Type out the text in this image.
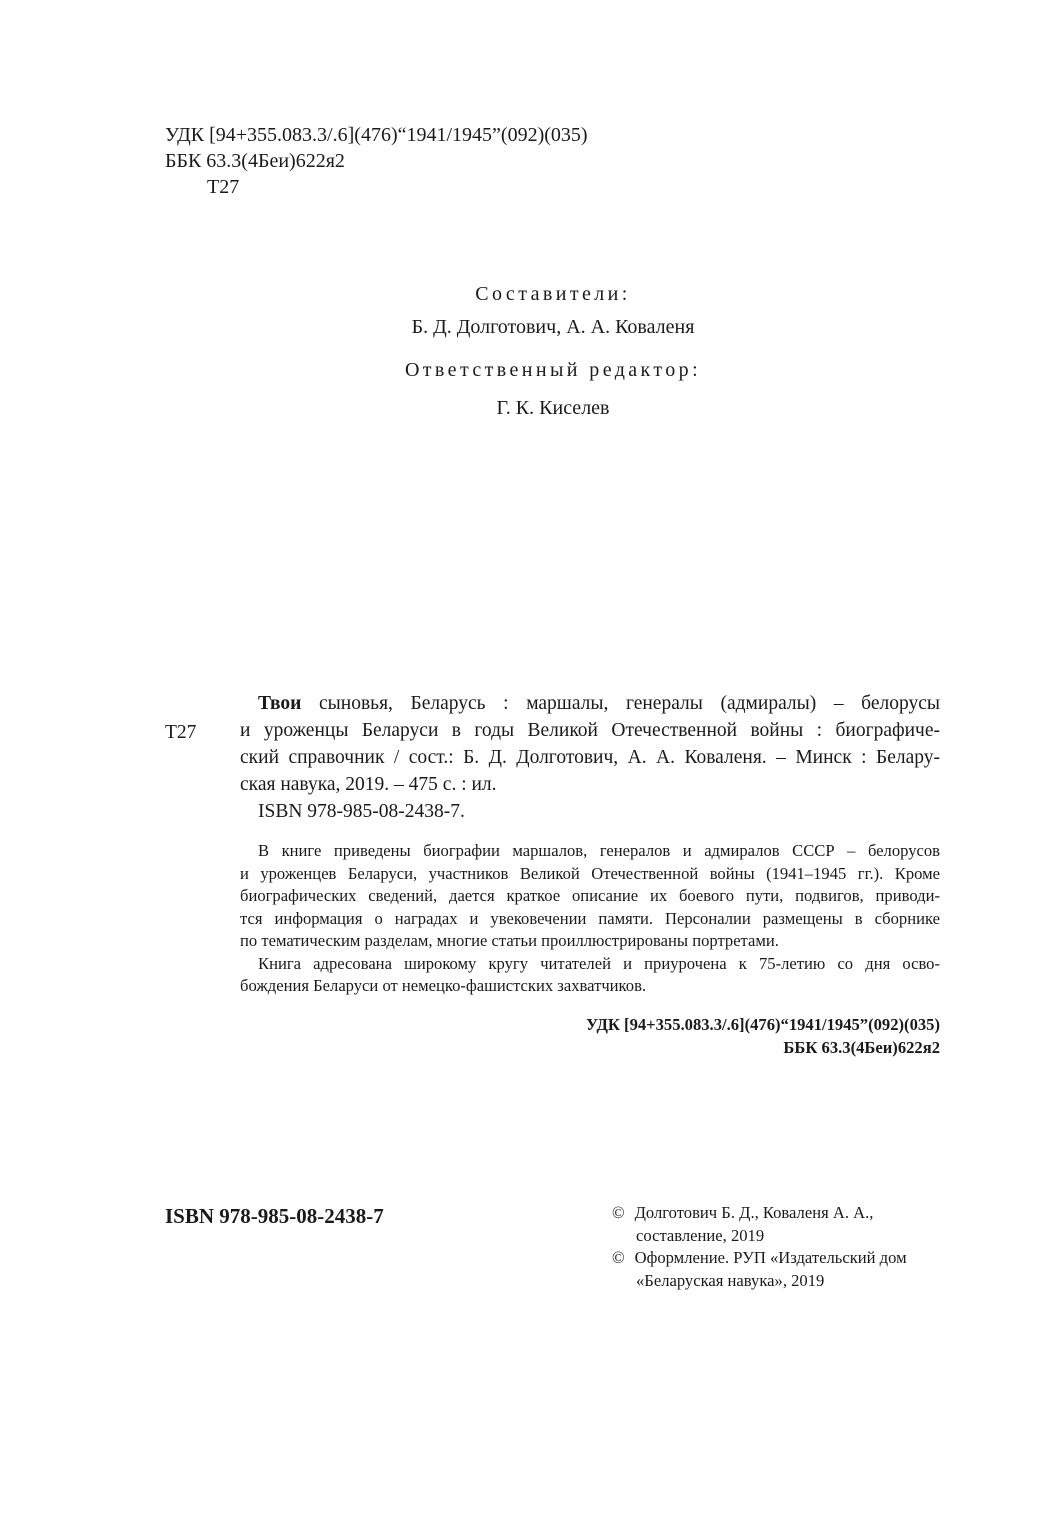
УДК [94+355.083.3/.6](476)“1941/1945”(092)(035)
ББК 63.3(4Беи)622я2
Т27
Составители:
Б. Д. Долготович, А. А. Коваленя
Ответственный редактор:
Г. К. Киселев
Т27
Твои сыновья, Беларусь : маршалы, генералы (адмиралы) – белорусы
и уроженцы Беларуси в годы Великой Отечественной войны : биографиче-
ский справочник / сост.: Б. Д. Долготович, А. А. Коваленя. – Минск : Белару-
ская навука, 2019. – 475 с. : ил.
ISBN 978-985-08-2438-7.
В книге приведены биографии маршалов, генералов и адмиралов СССР – белорусов
и уроженцев Беларуси, участников Великой Отечественной войны (1941–1945 гг.). Кроме
биографических сведений, дается краткое описание их боевого пути, подвигов, приводи-
тся информация о наградах и увековечении памяти. Персоналии размещены в сборнике
по тематическим разделам, многие статьи проиллюстрированы портретами.
Книга адресована широкому кругу читателей и приурочена к 75-летию со дня осво-
бождения Беларуси от немецко-фашистских захватчиков.
УДК [94+355.083.3/.6](476)“1941/1945”(092)(035)
ББК 63.3(4Беи)622я2
ISBN 978-985-08-2438-7	© Долготович Б. Д., Коваленя А. А.,
составление, 2019
© Оформление. РУП «Издательский дом
«Беларуская навука», 2019
